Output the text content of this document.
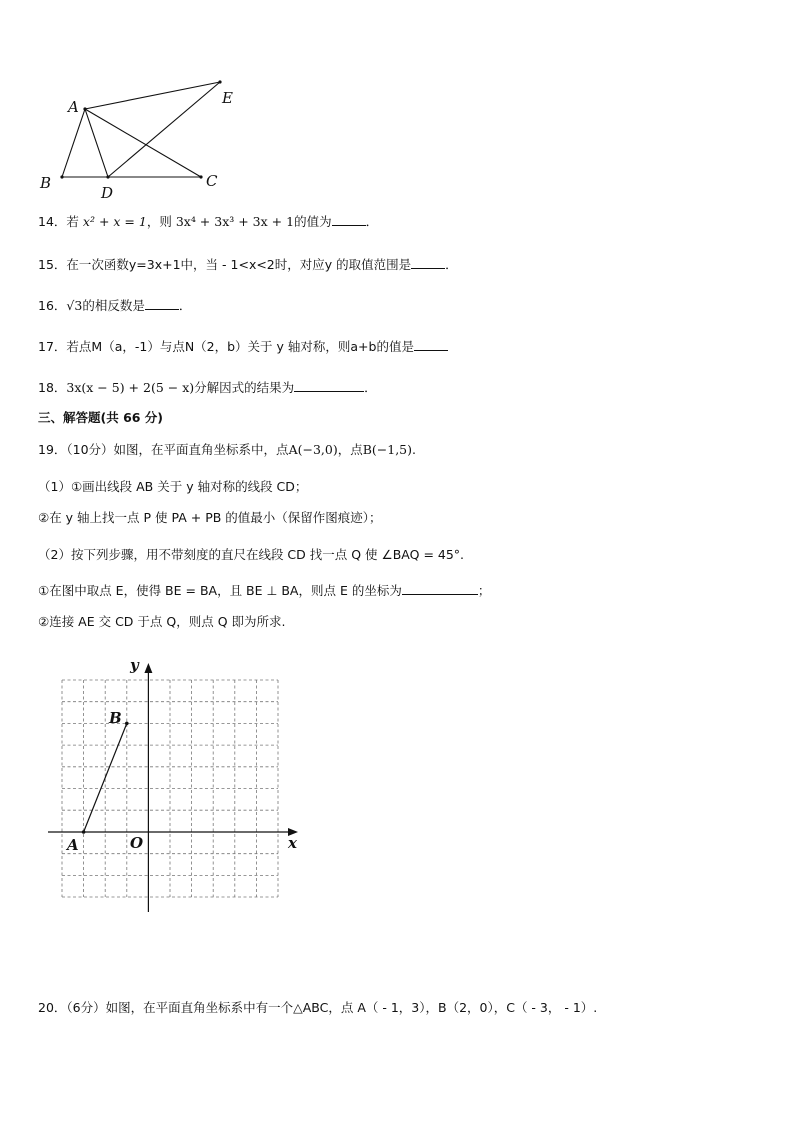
A
B
D
C
E
14．若 x² + x = 1，则 3x⁴ + 3x³ + 3x + 1的值为	．
15．在一次函数y=3x+1中，当 - 1<x<2时，对应y 的取值范围是	．
16．√3的相反数是	．
17．若点M（a，-1）与点N（2，b）关于 y 轴对称，则a+b的值是
18．3x(x − 5) + 2(5 − x)分解因式的结果为	．
三、解答题(共 66 分)
19．（10分）如图，在平面直角坐标系中，点A(−3,0)，点B(−1,5).
（1）①画出线段 AB 关于 y 轴对称的线段 CD；
②在 y 轴上找一点 P 使 PA + PB 的值最小（保留作图痕迹）；
（2）按下列步骤，用不带刻度的直尺在线段 CD 找一点 Q 使 ∠BAQ = 45°.
①在图中取点 E，使得 BE = BA，且 BE ⊥ BA，则点 E 的坐标为	；
②连接 AE 交 CD 于点 Q，则点 Q 即为所求.
y
x
O
A
B
20．（6分）如图，在平面直角坐标系中有一个△ABC，点 A（ - 1，3），B（2，0），C（ - 3， - 1）.
